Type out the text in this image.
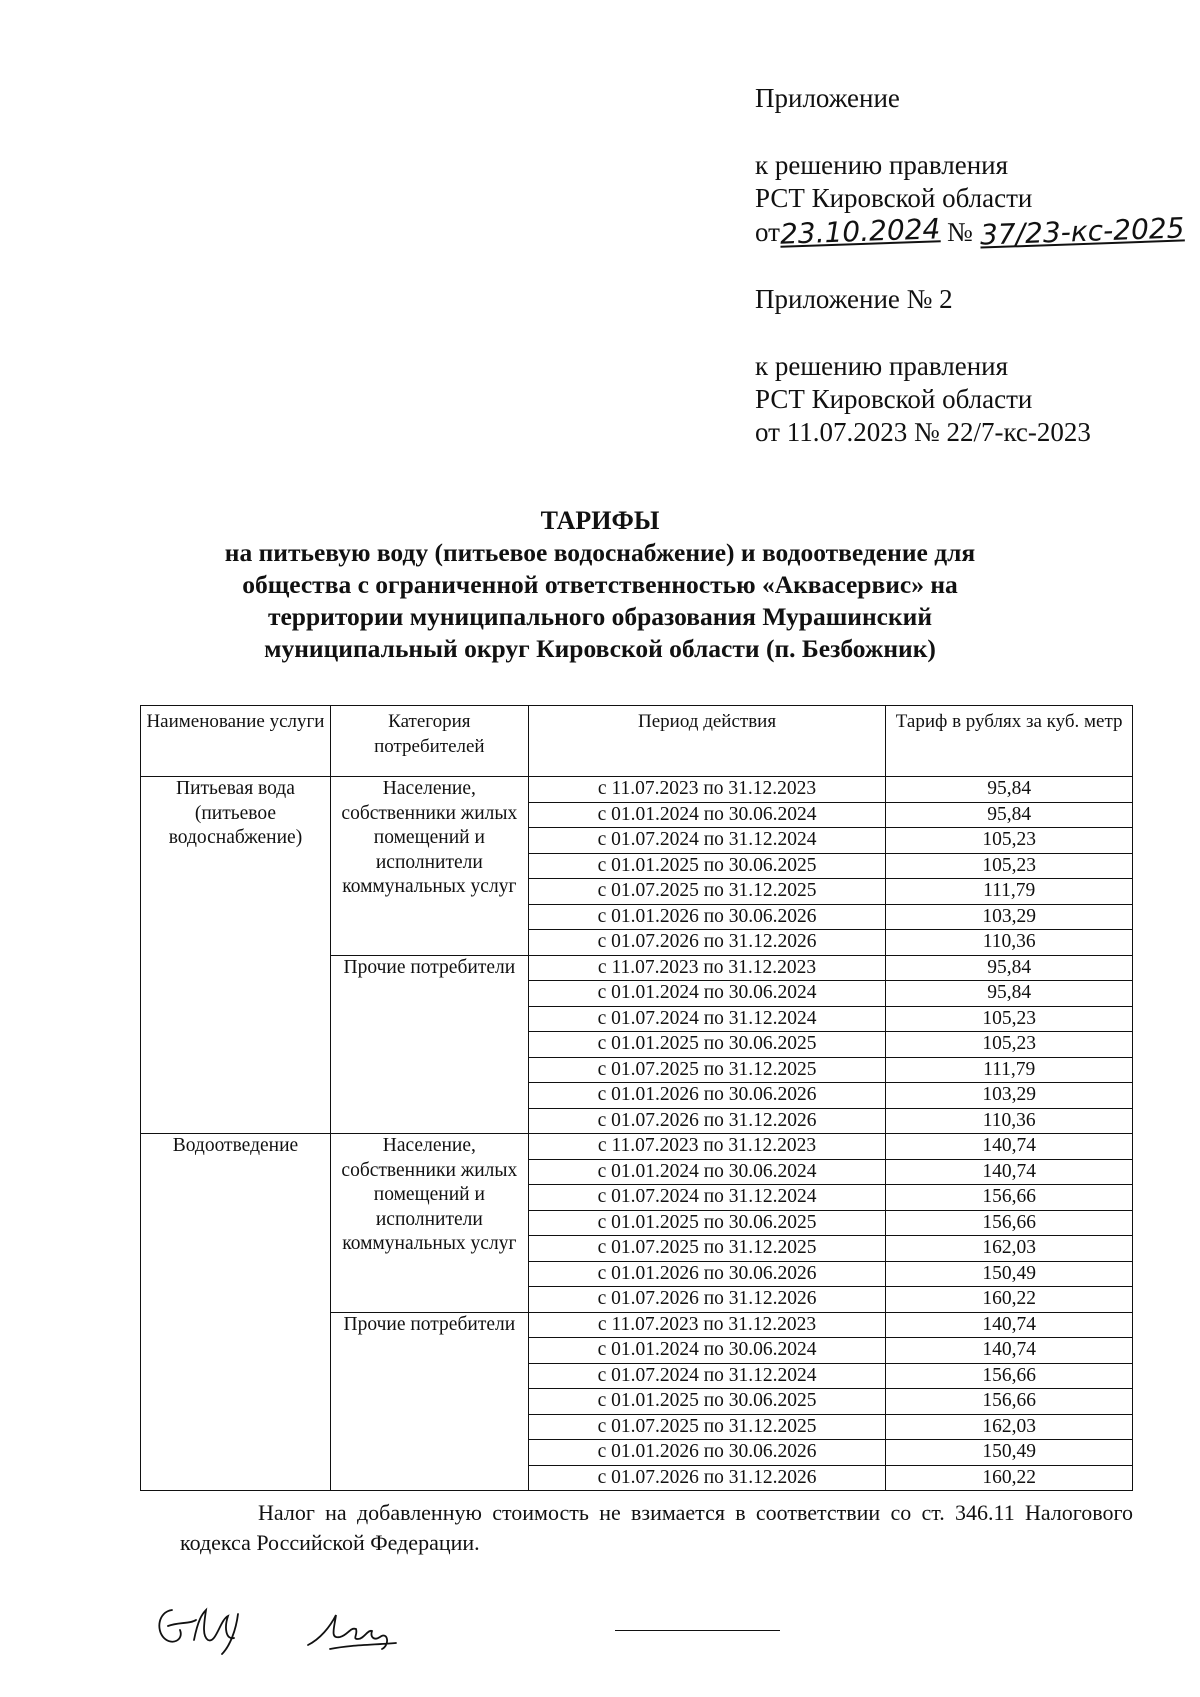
Приложение

к решению правления

РСТ Кировской области

от23.10.2024 № 37/23-кс-2025

Приложение № 2

к решению правления

РСТ Кировской области

от 11.07.2023 № 22/7-кс-2023

ТАРИФЫ
на питьевую воду (питьевое водоснабжение) и водоотведение для
общества с ограниченной ответственностью «Аквасервис» на
территории муниципального образования Мурашинский
муниципальный округ Кировской области (п. Безбожник)
Наименование услуги	Категория потребителей	Период действия	Тариф в рублях за куб. метр
Питьевая вода (питьевое водоснабжение)	Население, собственники жилых помещений и исполнители коммунальных услуг	с 11.07.2023 по 31.12.2023	95,84
		с 01.01.2024 по 30.06.2024	95,84
		с 01.07.2024 по 31.12.2024	105,23
		с 01.01.2025 по 30.06.2025	105,23
		с 01.07.2025 по 31.12.2025	111,79
		с 01.01.2026 по 30.06.2026	103,29
		с 01.07.2026 по 31.12.2026	110,36
	Прочие потребители	с 11.07.2023 по 31.12.2023	95,84
		с 01.01.2024 по 30.06.2024	95,84
		с 01.07.2024 по 31.12.2024	105,23
		с 01.01.2025 по 30.06.2025	105,23
		с 01.07.2025 по 31.12.2025	111,79
		с 01.01.2026 по 30.06.2026	103,29
		с 01.07.2026 по 31.12.2026	110,36
Водоотведение	Население, собственники жилых помещений и исполнители коммунальных услуг	с 11.07.2023 по 31.12.2023	140,74
		с 01.01.2024 по 30.06.2024	140,74
		с 01.07.2024 по 31.12.2024	156,66
		с 01.01.2025 по 30.06.2025	156,66
		с 01.07.2025 по 31.12.2025	162,03
		с 01.01.2026 по 30.06.2026	150,49
		с 01.07.2026 по 31.12.2026	160,22
	Прочие потребители	с 11.07.2023 по 31.12.2023	140,74
		с 01.01.2024 по 30.06.2024	140,74
		с 01.07.2024 по 31.12.2024	156,66
		с 01.01.2025 по 30.06.2025	156,66
		с 01.07.2025 по 31.12.2025	162,03
		с 01.01.2026 по 30.06.2026	150,49
		с 01.07.2026 по 31.12.2026	160,22
Налог на добавленную стоимость не взимается в соответствии со ст. 346.11 Налогового кодекса Российской Федерации.
